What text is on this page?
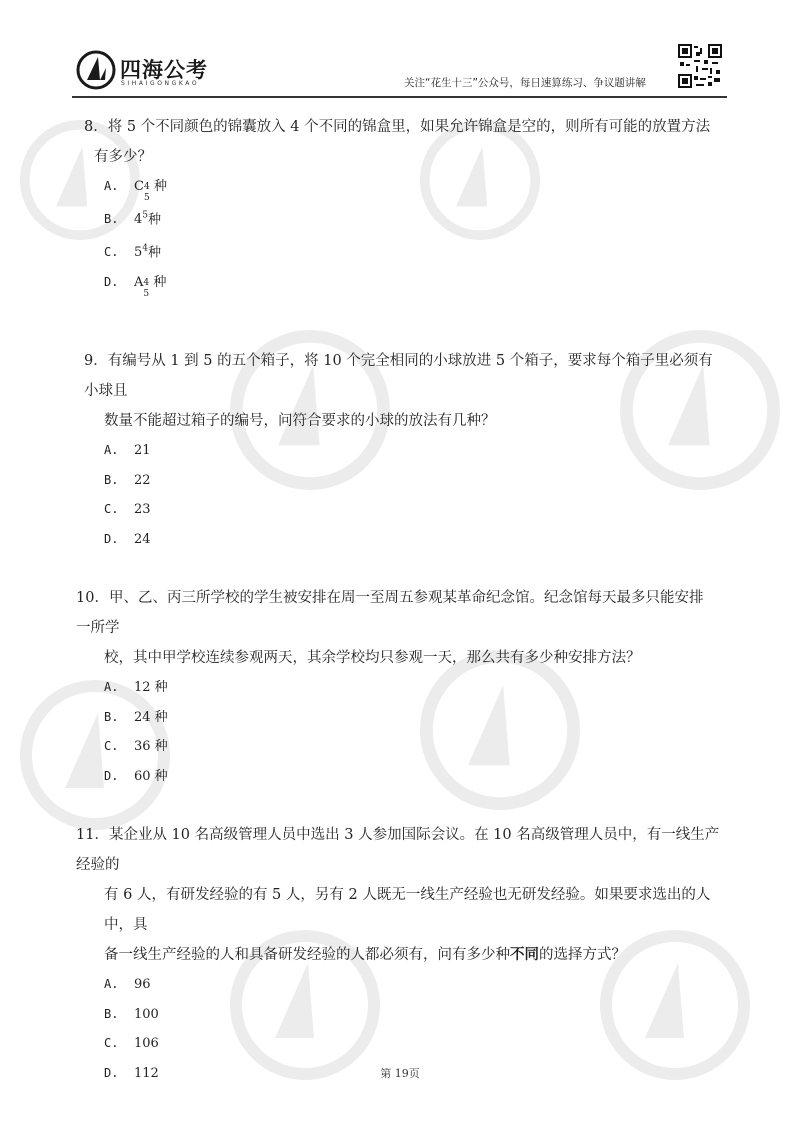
四海公考
SIHAIGONGKAO	关注“花生十三”公众号，每日速算练习、争议题讲解

8．将 5 个不同颜色的锦囊放入 4 个不同的锦盒里，如果允许锦盒是空的，则所有可能的放置方法

有多少？

A. C 4
5
种

B. $4^5$种

C. $5^4$种

D. A 4
5
种

9．有编号从 1 到 5 的五个箱子，将 10 个完全相同的小球放进 5 个箱子，要求每个箱子里必须有小球且

数量不能超过箱子的编号，问符合要求的小球的放法有几种？

A. 21

B. 22

C. 23

D. 24

10．甲、乙、丙三所学校的学生被安排在周一至周五参观某革命纪念馆。纪念馆每天最多只能安排一所学

校，其中甲学校连续参观两天，其余学校均只参观一天，那么共有多少种安排方法？

A. 12 种

B. 24 种

C. 36 种

D. 60 种

11．某企业从 10 名高级管理人员中选出 3 人参加国际会议。在 10 名高级管理人员中，有一线生产经验的

有 6 人，有研发经验的有 5 人，另有 2 人既无一线生产经验也无研发经验。如果要求选出的人中，具

备一线生产经验的人和具备研发经验的人都必须有，问有多少种不同的选择方式？

A. 96

B. 100

C. 106

D. 112	第 19页
